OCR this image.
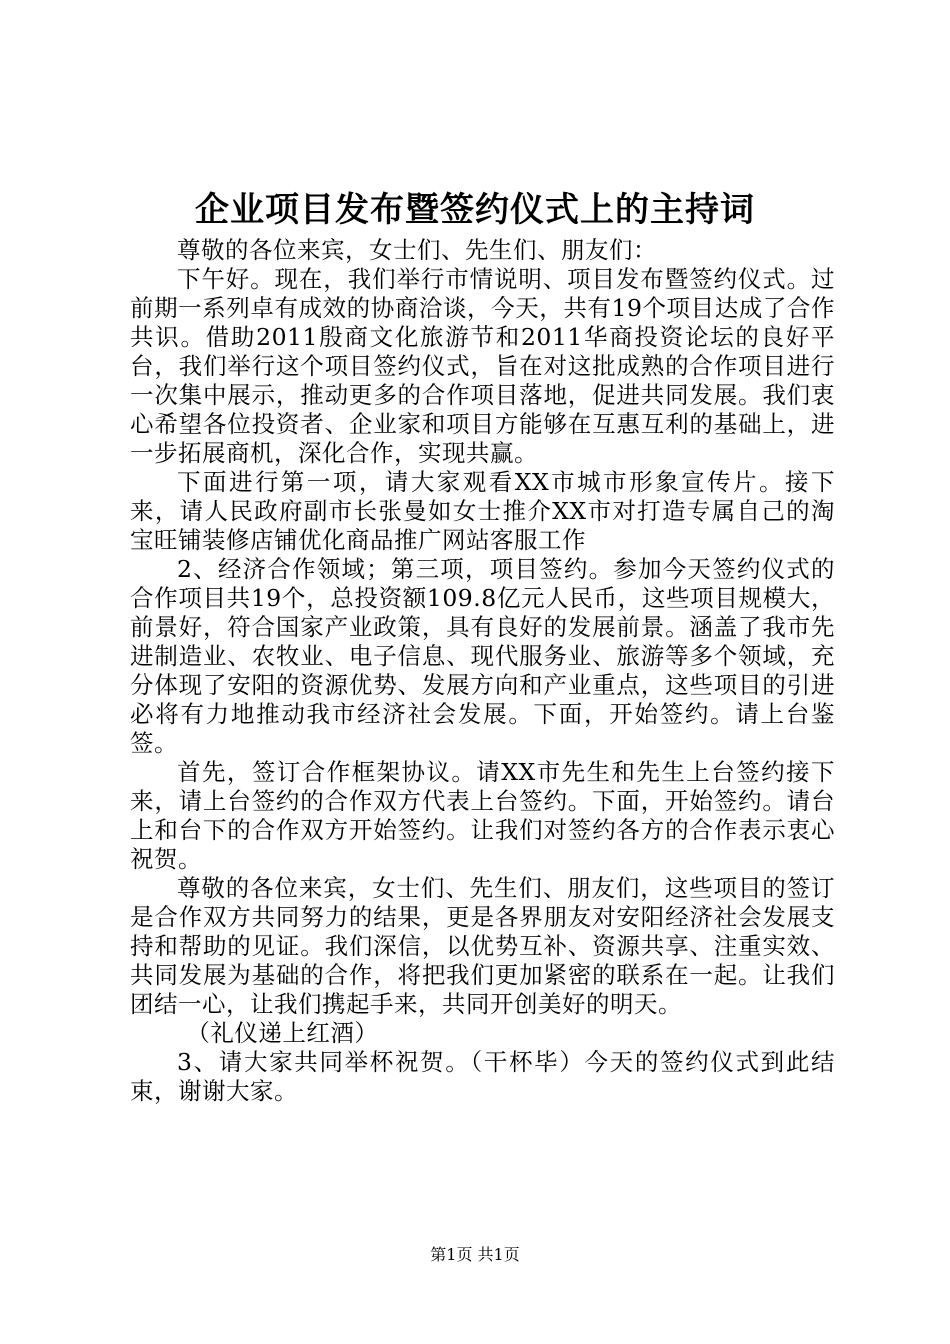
企业项目发布暨签约仪式上的主持词

尊敬的各位来宾，女士们、先生们、朋友们：

下午好。现在，我们举行市情说明、项目发布暨签约仪式。过前期一系列卓有成效的协商洽谈，今天，共有19个项目达成了合作共识。借助2011殷商文化旅游节和2011华商投资论坛的良好平台，我们举行这个项目签约仪式，旨在对这批成熟的合作项目进行一次集中展示，推动更多的合作项目落地，促进共同发展。我们衷心希望各位投资者、企业家和项目方能够在互惠互利的基础上，进一步拓展商机，深化合作，实现共赢。

下面进行第一项，请大家观看XX市城市形象宣传片。接下来，请人民政府副市长张曼如女士推介XX市对打造专属自己的淘宝旺铺装修店铺优化商品推广网站客服工作

2、经济合作领域；第三项，项目签约。参加今天签约仪式的合作项目共19个，总投资额109.8亿元人民币，这些项目规模大，前景好，符合国家产业政策，具有良好的发展前景。涵盖了我市先进制造业、农牧业、电子信息、现代服务业、旅游等多个领域，充分体现了安阳的资源优势、发展方向和产业重点，这些项目的引进必将有力地推动我市经济社会发展。下面，开始签约。请上台鉴签。

首先，签订合作框架协议。请XX市先生和先生上台签约接下来，请上台签约的合作双方代表上台签约。下面，开始签约。请台上和台下的合作双方开始签约。让我们对签约各方的合作表示衷心祝贺。

尊敬的各位来宾，女士们、先生们、朋友们，这些项目的签订是合作双方共同努力的结果，更是各界朋友对安阳经济社会发展支持和帮助的见证。我们深信，以优势互补、资源共享、注重实效、共同发展为基础的合作，将把我们更加紧密的联系在一起。让我们团结一心，让我们携起手来，共同开创美好的明天。

（礼仪递上红酒）

3、请大家共同举杯祝贺。（干杯毕）今天的签约仪式到此结束，谢谢大家。

第1页 共1页
